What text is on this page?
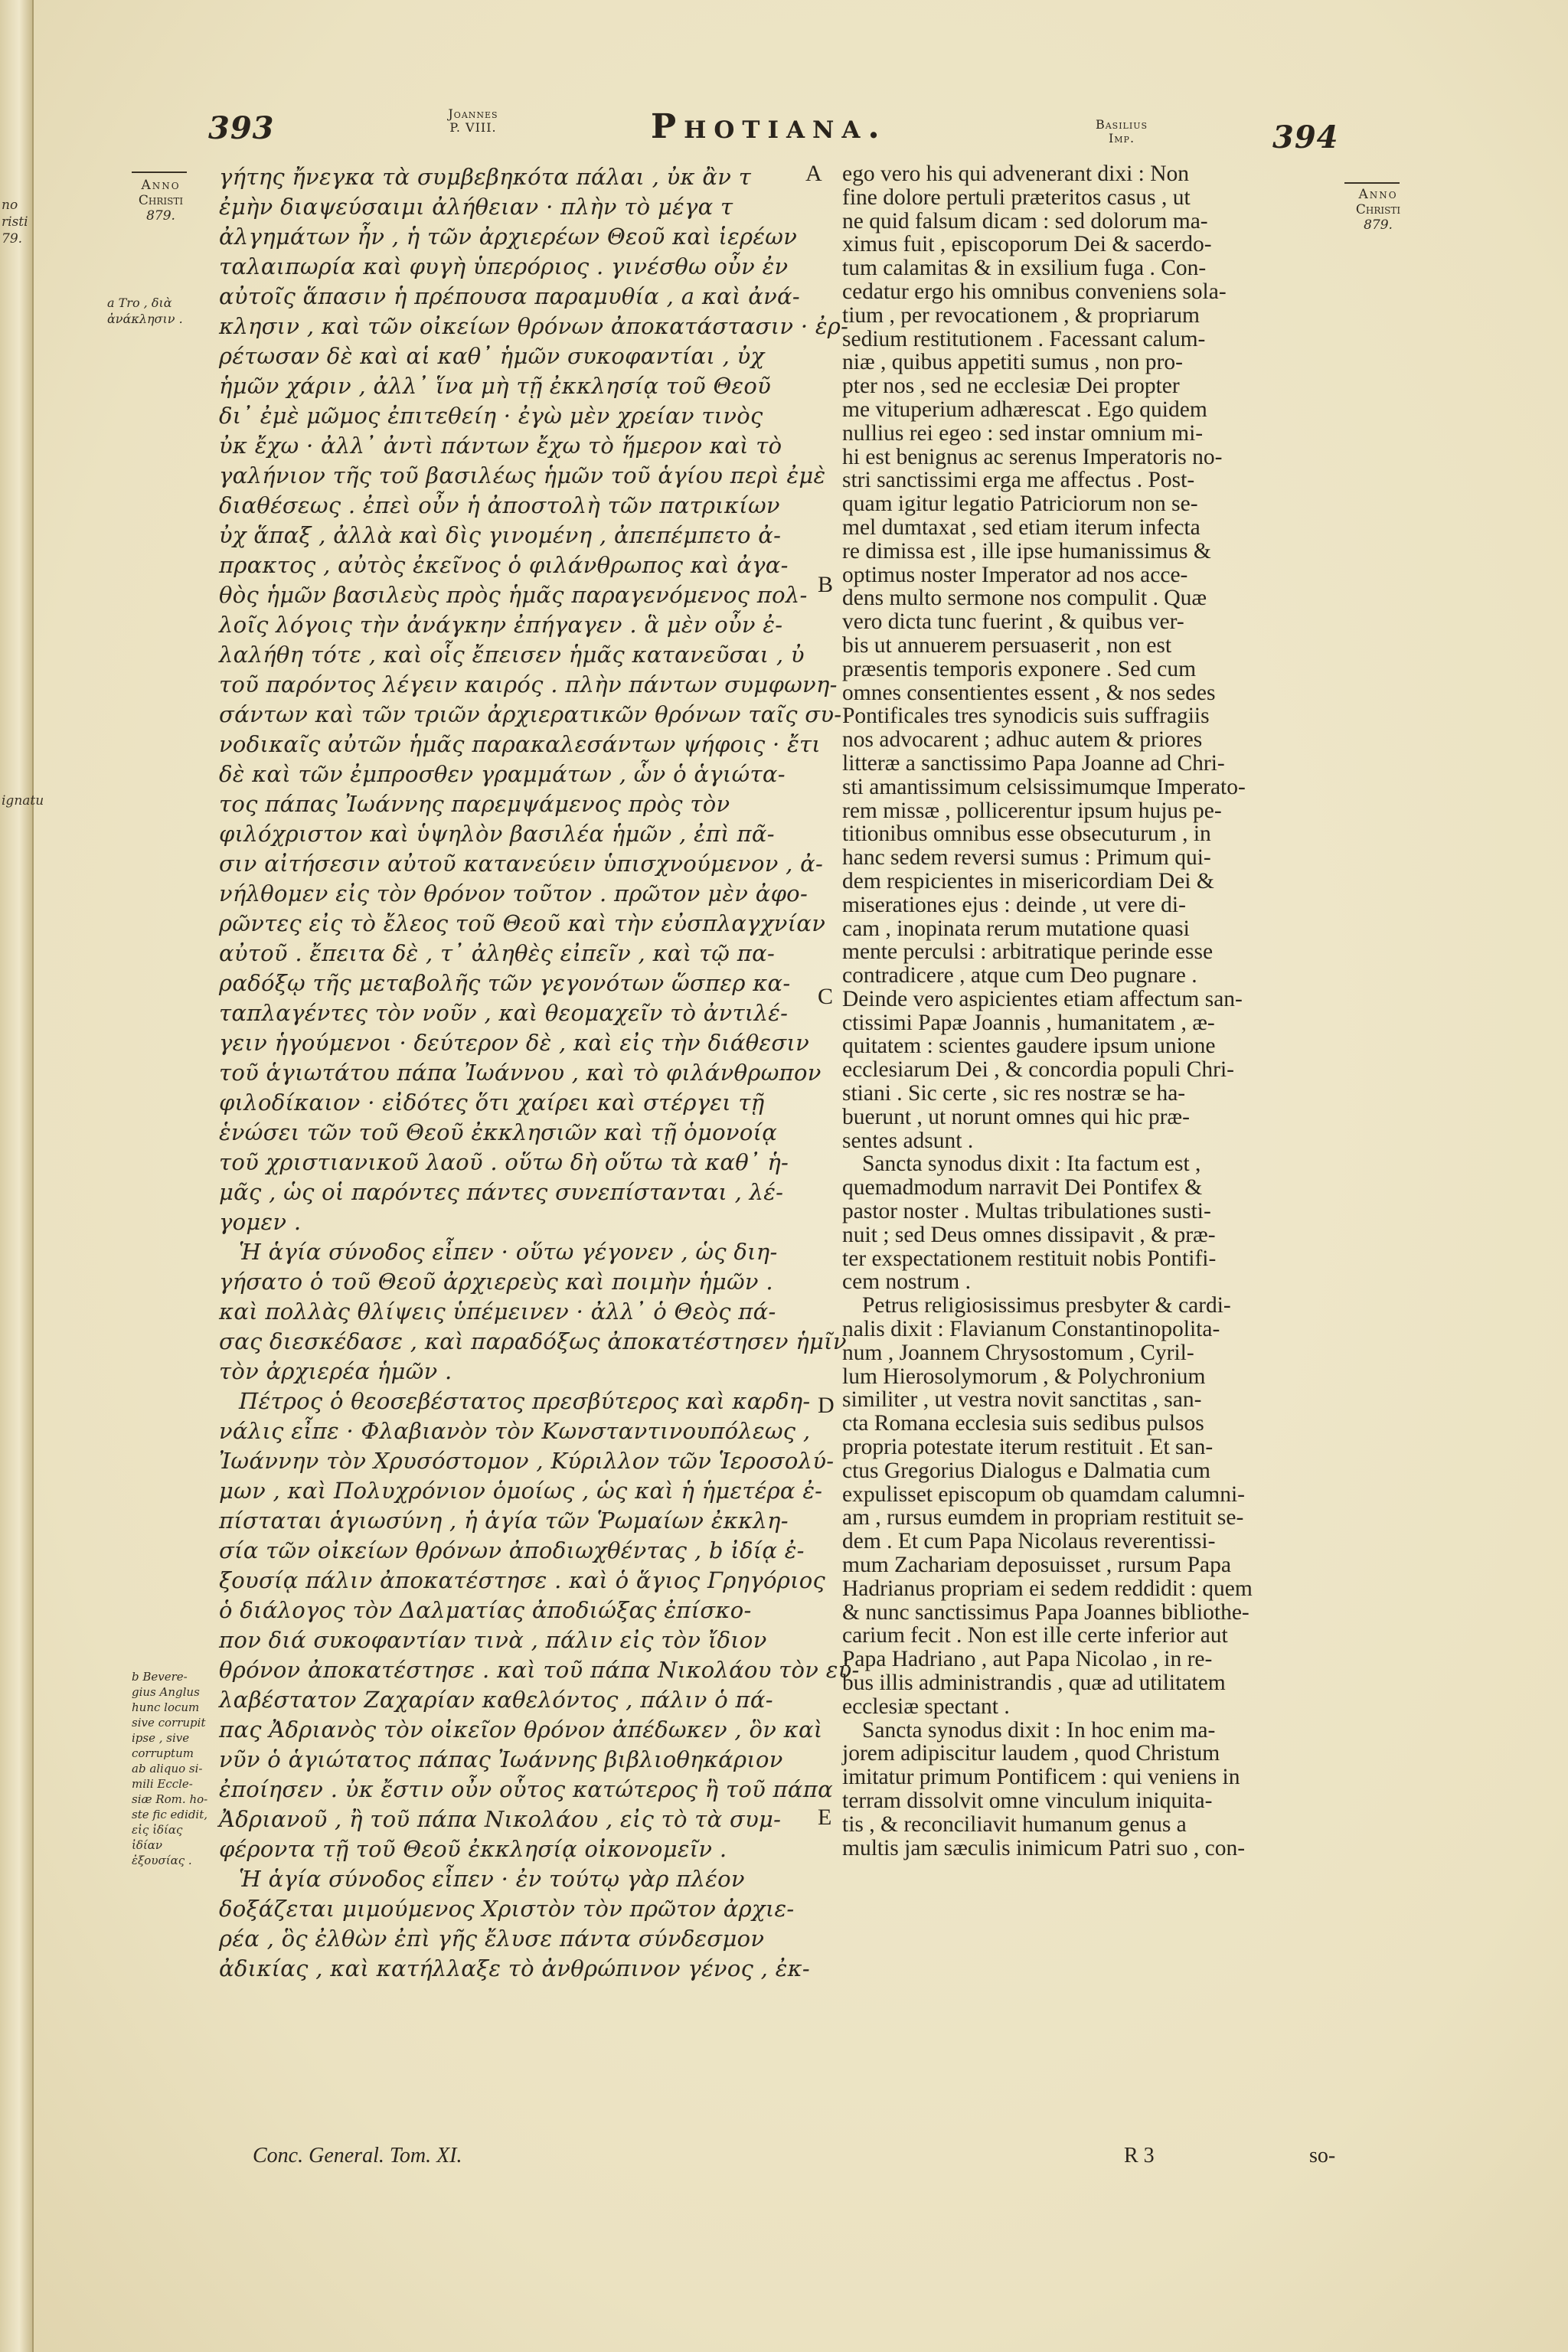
no
risti
79.
ignatu
393	Joannes
P. VIII.	Photiana.	Basilius
Imp.	394
Anno
Christi
879.
Anno
Christi
879.
a Tro , διὰ
ἀνάκλησιν .
b Bevere-
gius Anglus
hunc locum
sive corrupit
ipse , sive
corruptum
ab aliquo si-
mili Eccle-
siæ Rom. ho-
ste fic edidit,
εἰς ἰδίας ἰδίαν
ἐξουσίας .

γήτης ἤνεγκα τὰ συμβεβηκότα πάλαι , ὐκ ἂν τ

ἐμὴν διαψεύσαιμι ἀλήθειαν · πλὴν τὸ μέγα τ

ἀλγημάτων ἦν , ἡ τῶν ἀρχιερέων Θεοῦ καὶ ἱερέων

ταλαιπωρία καὶ φυγὴ ὑπερόριος . γινέσθω οὖν ἐν

αὐτοῖς ἅπασιν ἡ πρέπουσα παραμυθία , a καὶ ἀνά-

κλησιν , καὶ τῶν οἰκείων θρόνων ἀποκατάστασιν · ἐρ-

ρέτωσαν δὲ καὶ αἱ καθ᾽ ἡμῶν συκοφαντίαι , ὐχ

ἡμῶν χάριν , ἀλλ᾽ ἵνα μὴ τῇ ἐκκλησίᾳ τοῦ Θεοῦ

δι᾽ ἐμὲ μῶμος ἐπιτεθείη · ἐγὼ μὲν χρείαν τινὸς

ὐκ ἔχω · ἀλλ᾽ ἀντὶ πάντων ἔχω τὸ ἥμερον καὶ τὸ

γαλήνιον τῆς τοῦ βασιλέως ἡμῶν τοῦ ἁγίου περὶ ἐμὲ

διαθέσεως . ἐπεὶ οὖν ἡ ἀποστολὴ τῶν πατρικίων

ὐχ ἅπαξ , ἀλλὰ καὶ δὶς γινομένη , ἀπεπέμπετο ἀ-

πρακτος , αὐτὸς ἐκεῖνος ὁ φιλάνθρωπος καὶ ἀγα-

θὸς ἡμῶν βασιλεὺς πρὸς ἡμᾶς παραγενόμενος πολ-

λοῖς λόγοις τὴν ἀνάγκην ἐπήγαγεν . ἃ μὲν οὖν ἐ-

λαλήθη τότε , καὶ οἷς ἔπεισεν ἡμᾶς κατανεῦσαι , ὐ

τοῦ παρόντος λέγειν καιρός . πλὴν πάντων συμφωνη-

σάντων καὶ τῶν τριῶν ἀρχιερατικῶν θρόνων ταῖς συ-

νοδικαῖς αὐτῶν ἡμᾶς παρακαλεσάντων ψήφοις · ἔτι

δὲ καὶ τῶν ἐμπροσθεν γραμμάτων , ὧν ὁ ἁγιώτα-

τος πάπας Ἰωάννης παρεμψάμενος πρὸς τὸν

φιλόχριστον καὶ ὑψηλὸν βασιλέα ἡμῶν , ἐπὶ πᾶ-

σιν αἰτήσεσιν αὐτοῦ κατανεύειν ὑπισχνούμενον , ἀ-

νήλθομεν εἰς τὸν θρόνον τοῦτον . πρῶτον μὲν ἀφο-

ρῶντες εἰς τὸ ἔλεος τοῦ Θεοῦ καὶ τὴν εὐσπλαγχνίαν

αὐτοῦ . ἔπειτα δὲ , τ᾽ ἀληθὲς εἰπεῖν , καὶ τῷ πα-

ραδόξῳ τῆς μεταβολῆς τῶν γεγονότων ὥσπερ κα-

ταπλαγέντες τὸν νοῦν , καὶ θεομαχεῖν τὸ ἀντιλέ-

γειν ἡγούμενοι · δεύτερον δὲ , καὶ εἰς τὴν διάθεσιν

τοῦ ἁγιωτάτου πάπα Ἰωάννου , καὶ τὸ φιλάνθρωπον

φιλοδίκαιον · εἰδότες ὅτι χαίρει καὶ στέργει τῇ

ἑνώσει τῶν τοῦ Θεοῦ ἐκκλησιῶν καὶ τῇ ὁμονοίᾳ

τοῦ χριστιανικοῦ λαοῦ . οὕτω δὴ οὕτω τὰ καθ᾽ ἡ-

μᾶς , ὡς οἱ παρόντες πάντες συνεπίστανται , λέ-

γομεν .

Ἡ ἁγία σύνοδος εἶπεν · οὕτω γέγονεν , ὡς διη-

γήσατο ὁ τοῦ Θεοῦ ἀρχιερεὺς καὶ ποιμὴν ἡμῶν .

καὶ πολλὰς θλίψεις ὑπέμεινεν · ἀλλ᾽ ὁ Θεὸς πά-

σας διεσκέδασε , καὶ παραδόξως ἀποκατέστησεν ἡμῖν

τὸν ἀρχιερέα ἡμῶν .

Πέτρος ὁ θεοσεβέστατος πρεσβύτερος καὶ καρδη-

νάλις εἶπε · Φλαβιανὸν τὸν Κωνσταντινουπόλεως ,

Ἰωάννην τὸν Χρυσόστομον , Κύριλλον τῶν Ἱεροσολύ-

μων , καὶ Πολυχρόνιον ὁμοίως , ὡς καὶ ἡ ἡμετέρα ἐ-

πίσταται ἁγιωσύνη , ἡ ἁγία τῶν Ῥωμαίων ἐκκλη-

σία τῶν οἰκείων θρόνων ἀποδιωχθέντας , b ἰδίᾳ ἐ-

ξουσίᾳ πάλιν ἀποκατέστησε . καὶ ὁ ἅγιος Γρηγόριος

ὁ διάλογος τὸν Δαλματίας ἀποδιώξας ἐπίσκο-

πον διά συκοφαντίαν τινὰ , πάλιν εἰς τὸν ἴδιον

θρόνον ἀποκατέστησε . καὶ τοῦ πάπα Νικολάου τὸν εὐ-

λαβέστατον Ζαχαρίαν καθελόντος , πάλιν ὁ πά-

πας Ἀδριανὸς τὸν οἰκεῖον θρόνον ἀπέδωκεν , ὃν καὶ

νῦν ὁ ἁγιώτατος πάπας Ἰωάννης βιβλιοθηκάριον

ἐποίησεν . ὐκ ἔστιν οὖν οὗτος κατώτερος ἢ τοῦ πάπα

Ἀδριανοῦ , ἢ τοῦ πάπα Νικολάου , εἰς τὸ τὰ συμ-

φέροντα τῇ τοῦ Θεοῦ ἐκκλησίᾳ οἰκονομεῖν .

Ἡ ἁγία σύνοδος εἶπεν · ἐν τούτῳ γὰρ πλέον

δοξάζεται μιμούμενος Χριστὸν τὸν πρῶτον ἀρχιε-

ρέα , ὃς ἐλθὼν ἐπὶ γῆς ἔλυσε πάντα σύνδεσμον

ἀδικίας , καὶ κατήλλαξε τὸ ἀνθρώπινον γένος , ἐκ-

ego vero his qui advenerant dixi : Non

fine dolore pertuli præteritos casus , ut

ne quid falsum dicam : sed dolorum ma-

ximus fuit , episcoporum Dei & sacerdo-

tum calamitas & in exsilium fuga . Con-

cedatur ergo his omnibus conveniens sola-

tium , per revocationem , & propriarum

sedium restitutionem . Facessant calum-

niæ , quibus appetiti sumus , non pro-

pter nos , sed ne ecclesiæ Dei propter

me vituperium adhærescat . Ego quidem

nullius rei egeo : sed instar omnium mi-

hi est benignus ac serenus Imperatoris no-

stri sanctissimi erga me affectus . Post-

quam igitur legatio Patriciorum non se-

mel dumtaxat , sed etiam iterum infecta

re dimissa est , ille ipse humanissimus &

optimus noster Imperator ad nos acce-

dens multo sermone nos compulit . Quæ

vero dicta tunc fuerint , & quibus ver-

bis ut annuerem persuaserit , non est

præsentis temporis exponere . Sed cum

omnes consentientes essent , & nos sedes

Pontificales tres synodicis suis suffragiis

nos advocarent ; adhuc autem & priores

litteræ a sanctissimo Papa Joanne ad Chri-

sti amantissimum celsissimumque Imperato-

rem missæ , pollicerentur ipsum hujus pe-

titionibus omnibus esse obsecuturum , in

hanc sedem reversi sumus : Primum qui-

dem respicientes in misericordiam Dei &

miserationes ejus : deinde , ut vere di-

cam , inopinata rerum mutatione quasi

mente perculsi : arbitratique perinde esse

contradicere , atque cum Deo pugnare .

Deinde vero aspicientes etiam affectum san-

ctissimi Papæ Joannis , humanitatem , æ-

quitatem : scientes gaudere ipsum unione

ecclesiarum Dei , & concordia populi Chri-

stiani . Sic certe , sic res nostræ se ha-

buerunt , ut norunt omnes qui hic præ-

sentes adsunt .

Sancta synodus dixit : Ita factum est ,

quemadmodum narravit Dei Pontifex &

pastor noster . Multas tribulationes susti-

nuit ; sed Deus omnes dissipavit , & præ-

ter exspectationem restituit nobis Pontifi-

cem nostrum .

Petrus religiosissimus presbyter & cardi-

nalis dixit : Flavianum Constantinopolita-

num , Joannem Chrysostomum , Cyril-

lum Hierosolymorum , & Polychronium

similiter , ut vestra novit sanctitas , san-

cta Romana ecclesia suis sedibus pulsos

propria potestate iterum restituit . Et san-

ctus Gregorius Dialogus e Dalmatia cum

expulisset episcopum ob quamdam calumni-

am , rursus eumdem in propriam restituit se-

dem . Et cum Papa Nicolaus reverentissi-

mum Zachariam deposuisset , rursum Papa

Hadrianus propriam ei sedem reddidit : quem

& nunc sanctissimus Papa Joannes bibliothe-

carium fecit . Non est ille certe inferior aut

Papa Hadriano , aut Papa Nicolao , in re-

bus illis administrandis , quæ ad utilitatem

ecclesiæ spectant .

Sancta synodus dixit : In hoc enim ma-

jorem adipiscitur laudem , quod Christum

imitatur primum Pontificem : qui veniens in

terram dissolvit omne vinculum iniquita-

tis , & reconciliavit humanum genus a

multis jam sæculis inimicum Patri suo , con-

A
B
C
D
E
Conc. General. Tom. XI.	R 3	so-
